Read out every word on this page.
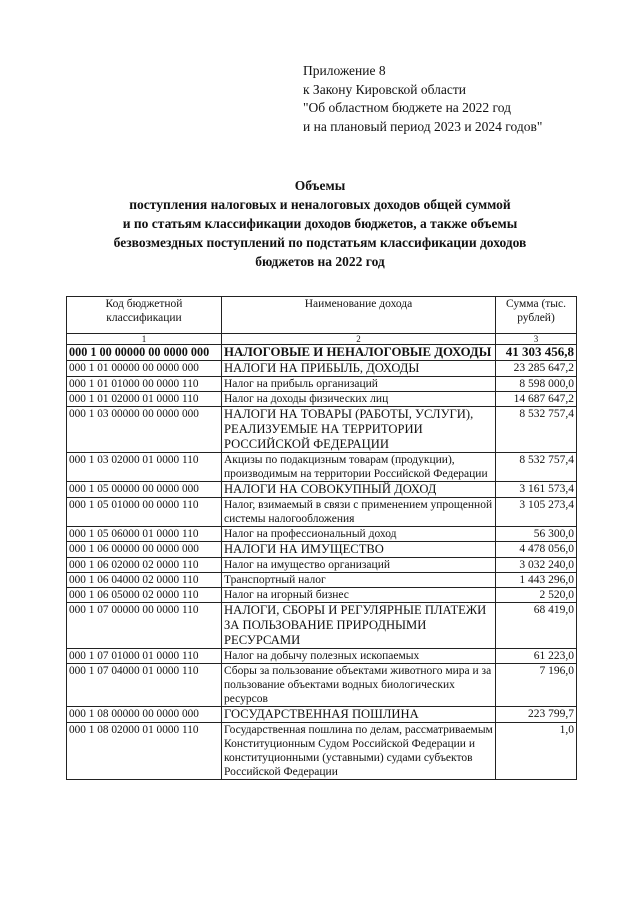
Приложение 8
к Закону Кировской области
"Об областном бюджете на 2022 год
и на плановый период 2023 и 2024 годов"
Объемы
поступления налоговых и неналоговых доходов общей суммой
и по статьям классификации доходов бюджетов, а также объемы
безвозмездных поступлений по подстатьям классификации доходов
бюджетов на 2022 год
Код бюджетной классификации	Наименование дохода	Сумма (тыс. рублей)
1	2	3
000 1 00 00000 00 0000 000	НАЛОГОВЫЕ И НЕНАЛОГОВЫЕ ДОХОДЫ	41 303 456,8
000 1 01 00000 00 0000 000	НАЛОГИ НА ПРИБЫЛЬ, ДОХОДЫ	23 285 647,2
000 1 01 01000 00 0000 110	Налог на прибыль организаций	8 598 000,0
000 1 01 02000 01 0000 110	Налог на доходы физических лиц	14 687 647,2
000 1 03 00000 00 0000 000	НАЛОГИ НА ТОВАРЫ (РАБОТЫ, УСЛУГИ), РЕАЛИЗУЕМЫЕ НА ТЕРРИТОРИИ РОССИЙСКОЙ ФЕДЕРАЦИИ	8 532 757,4
000 1 03 02000 01 0000 110	Акцизы по подакцизным товарам (продукции), производимым на территории Российской Федерации	8 532 757,4
000 1 05 00000 00 0000 000	НАЛОГИ НА СОВОКУПНЫЙ ДОХОД	3 161 573,4
000 1 05 01000 00 0000 110	Налог, взимаемый в связи с применением упрощенной системы налогообложения	3 105 273,4
000 1 05 06000 01 0000 110	Налог на профессиональный доход	56 300,0
000 1 06 00000 00 0000 000	НАЛОГИ НА ИМУЩЕСТВО	4 478 056,0
000 1 06 02000 02 0000 110	Налог на имущество организаций	3 032 240,0
000 1 06 04000 02 0000 110	Транспортный налог	1 443 296,0
000 1 06 05000 02 0000 110	Налог на игорный бизнес	2 520,0
000 1 07 00000 00 0000 110	НАЛОГИ, СБОРЫ И РЕГУЛЯРНЫЕ ПЛАТЕЖИ ЗА ПОЛЬЗОВАНИЕ ПРИРОДНЫМИ РЕСУРСАМИ	68 419,0
000 1 07 01000 01 0000 110	Налог на добычу полезных ископаемых	61 223,0
000 1 07 04000 01 0000 110	Сборы за пользование объектами животного мира и за пользование объектами водных биологических ресурсов	7 196,0
000 1 08 00000 00 0000 000	ГОСУДАРСТВЕННАЯ ПОШЛИНА	223 799,7
000 1 08 02000 01 0000 110	Государственная пошлина по делам, рассматриваемым Конституционным Судом Российской Федерации и конституционными (уставными) судами субъектов Российской Федерации	1,0
